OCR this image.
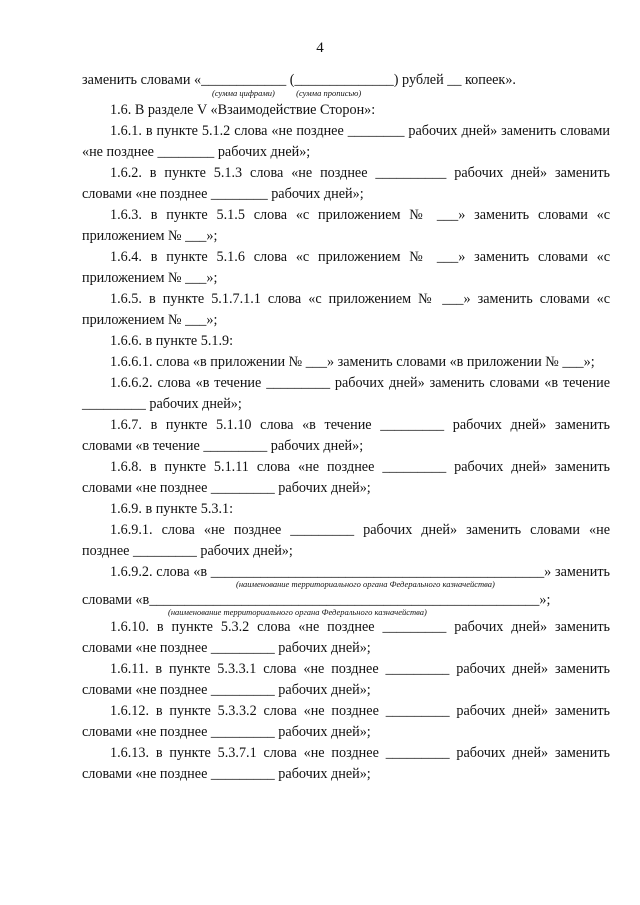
4

заменить словами «____________ (______________) рублей __ копеек».

(сумма цифрами)          (сумма прописью)

1.6. В разделе V «Взаимодействие Сторон»:

1.6.1. в пункте 5.1.2 слова «не позднее ________ рабочих дней» заменить словами «не позднее ________ рабочих дней»;

1.6.2. в пункте 5.1.3 слова «не позднее __________ рабочих дней» заменить словами «не позднее ________ рабочих дней»;

1.6.3. в пункте 5.1.5 слова «с приложением № ___» заменить словами «с приложением № ___»;

1.6.4. в пункте 5.1.6 слова «с приложением № ___» заменить словами «с приложением № ___»;

1.6.5. в пункте 5.1.7.1.1 слова «с приложением № ___» заменить словами «с приложением № ___»;

1.6.6. в пункте 5.1.9:

1.6.6.1. слова «в приложении № ___» заменить словами «в приложении № ___»;

1.6.6.2. слова «в течение _________ рабочих дней» заменить словами «в течение _________ рабочих дней»;

1.6.7. в пункте 5.1.10 слова «в течение _________ рабочих дней» заменить словами «в течение _________ рабочих дней»;

1.6.8. в пункте 5.1.11 слова «не позднее _________ рабочих дней» заменить словами «не позднее _________ рабочих дней»;

1.6.9. в пункте 5.3.1:

1.6.9.1. слова «не позднее _________ рабочих дней» заменить словами «не позднее _________ рабочих дней»;

1.6.9.2. слова «в _______________________________________________» заменить

(наименование территориального органа Федерального казначейства)

словами «в_______________________________________________________»;

(наименование территориального органа Федерального казначейства)

1.6.10. в пункте 5.3.2 слова «не позднее _________ рабочих дней» заменить словами «не позднее _________ рабочих дней»;

1.6.11. в пункте 5.3.3.1 слова «не позднее _________ рабочих дней» заменить словами «не позднее _________ рабочих дней»;

1.6.12. в пункте 5.3.3.2 слова «не позднее _________ рабочих дней» заменить словами «не позднее _________ рабочих дней»;

1.6.13. в пункте 5.3.7.1 слова «не позднее _________ рабочих дней» заменить словами «не позднее _________ рабочих дней»;
